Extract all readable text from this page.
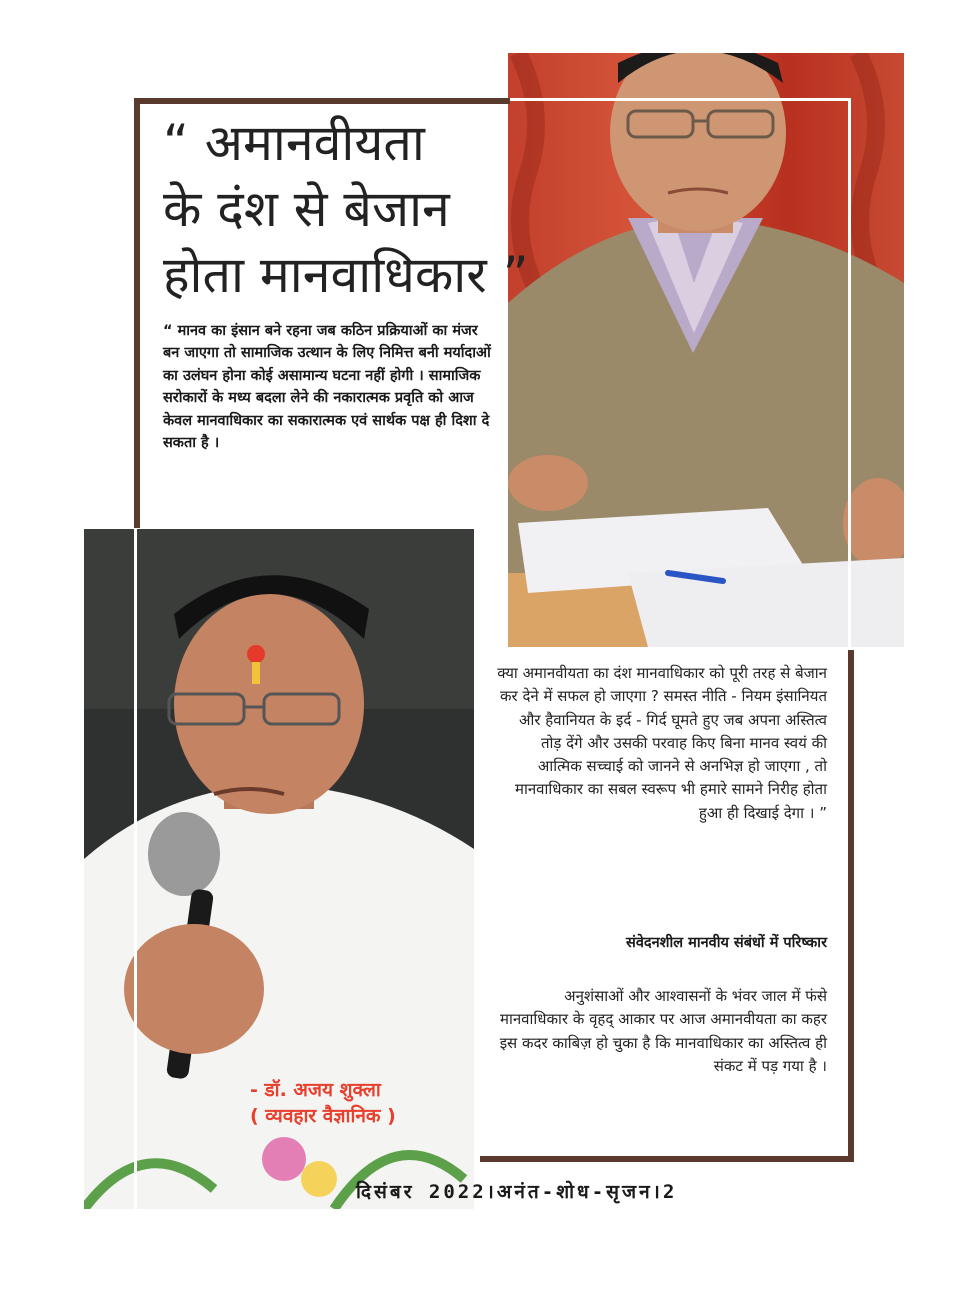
“ अमानवीयता
के दंश से बेजान
होता मानवाधिकार ”
“ मानव का इंसान बने रहना जब कठिन प्रक्रियाओं का मंजर बन जाएगा तो सामाजिक उत्थान के लिए निमित्त बनी मर्यादाओं का उलंघन होना कोई असामान्य घटना नहीं होगी । सामाजिक सरोकारों के मध्य बदला लेने की नकारात्मक प्रवृति को आज केवल मानवाधिकार का सकारात्मक एवं सार्थक पक्ष ही दिशा दे सकता है ।
क्या अमानवीयता का दंश मानवाधिकार को पूरी तरह से बेजान कर देने में सफल हो जाएगा ? समस्त नीति - नियम इंसानियत और हैवानियत के इर्द - गिर्द घूमते हुए जब अपना अस्तित्व तोड़ देंगे और उसकी परवाह किए बिना मानव स्वयं की आत्मिक सच्चाई को जानने से अनभिज्ञ हो जाएगा , तो मानवाधिकार का सबल स्वरूप भी हमारे सामने निरीह होता हुआ ही दिखाई देगा । ”
संवेदनशील मानवीय संबंधों में परिष्कार
अनुशंसाओं और आश्वासनों के भंवर जाल में फंसे मानवाधिकार के वृहद् आकार पर आज अमानवीयता का कहर इस कदर काबिज़ हो चुका है कि मानवाधिकार का अस्तित्व ही संकट में पड़ गया है ।
- डॉ. अजय शुक्ला
( व्यवहार वैज्ञानिक )
दिसंबर 2022।अनंत-शोध-सृजन।2
